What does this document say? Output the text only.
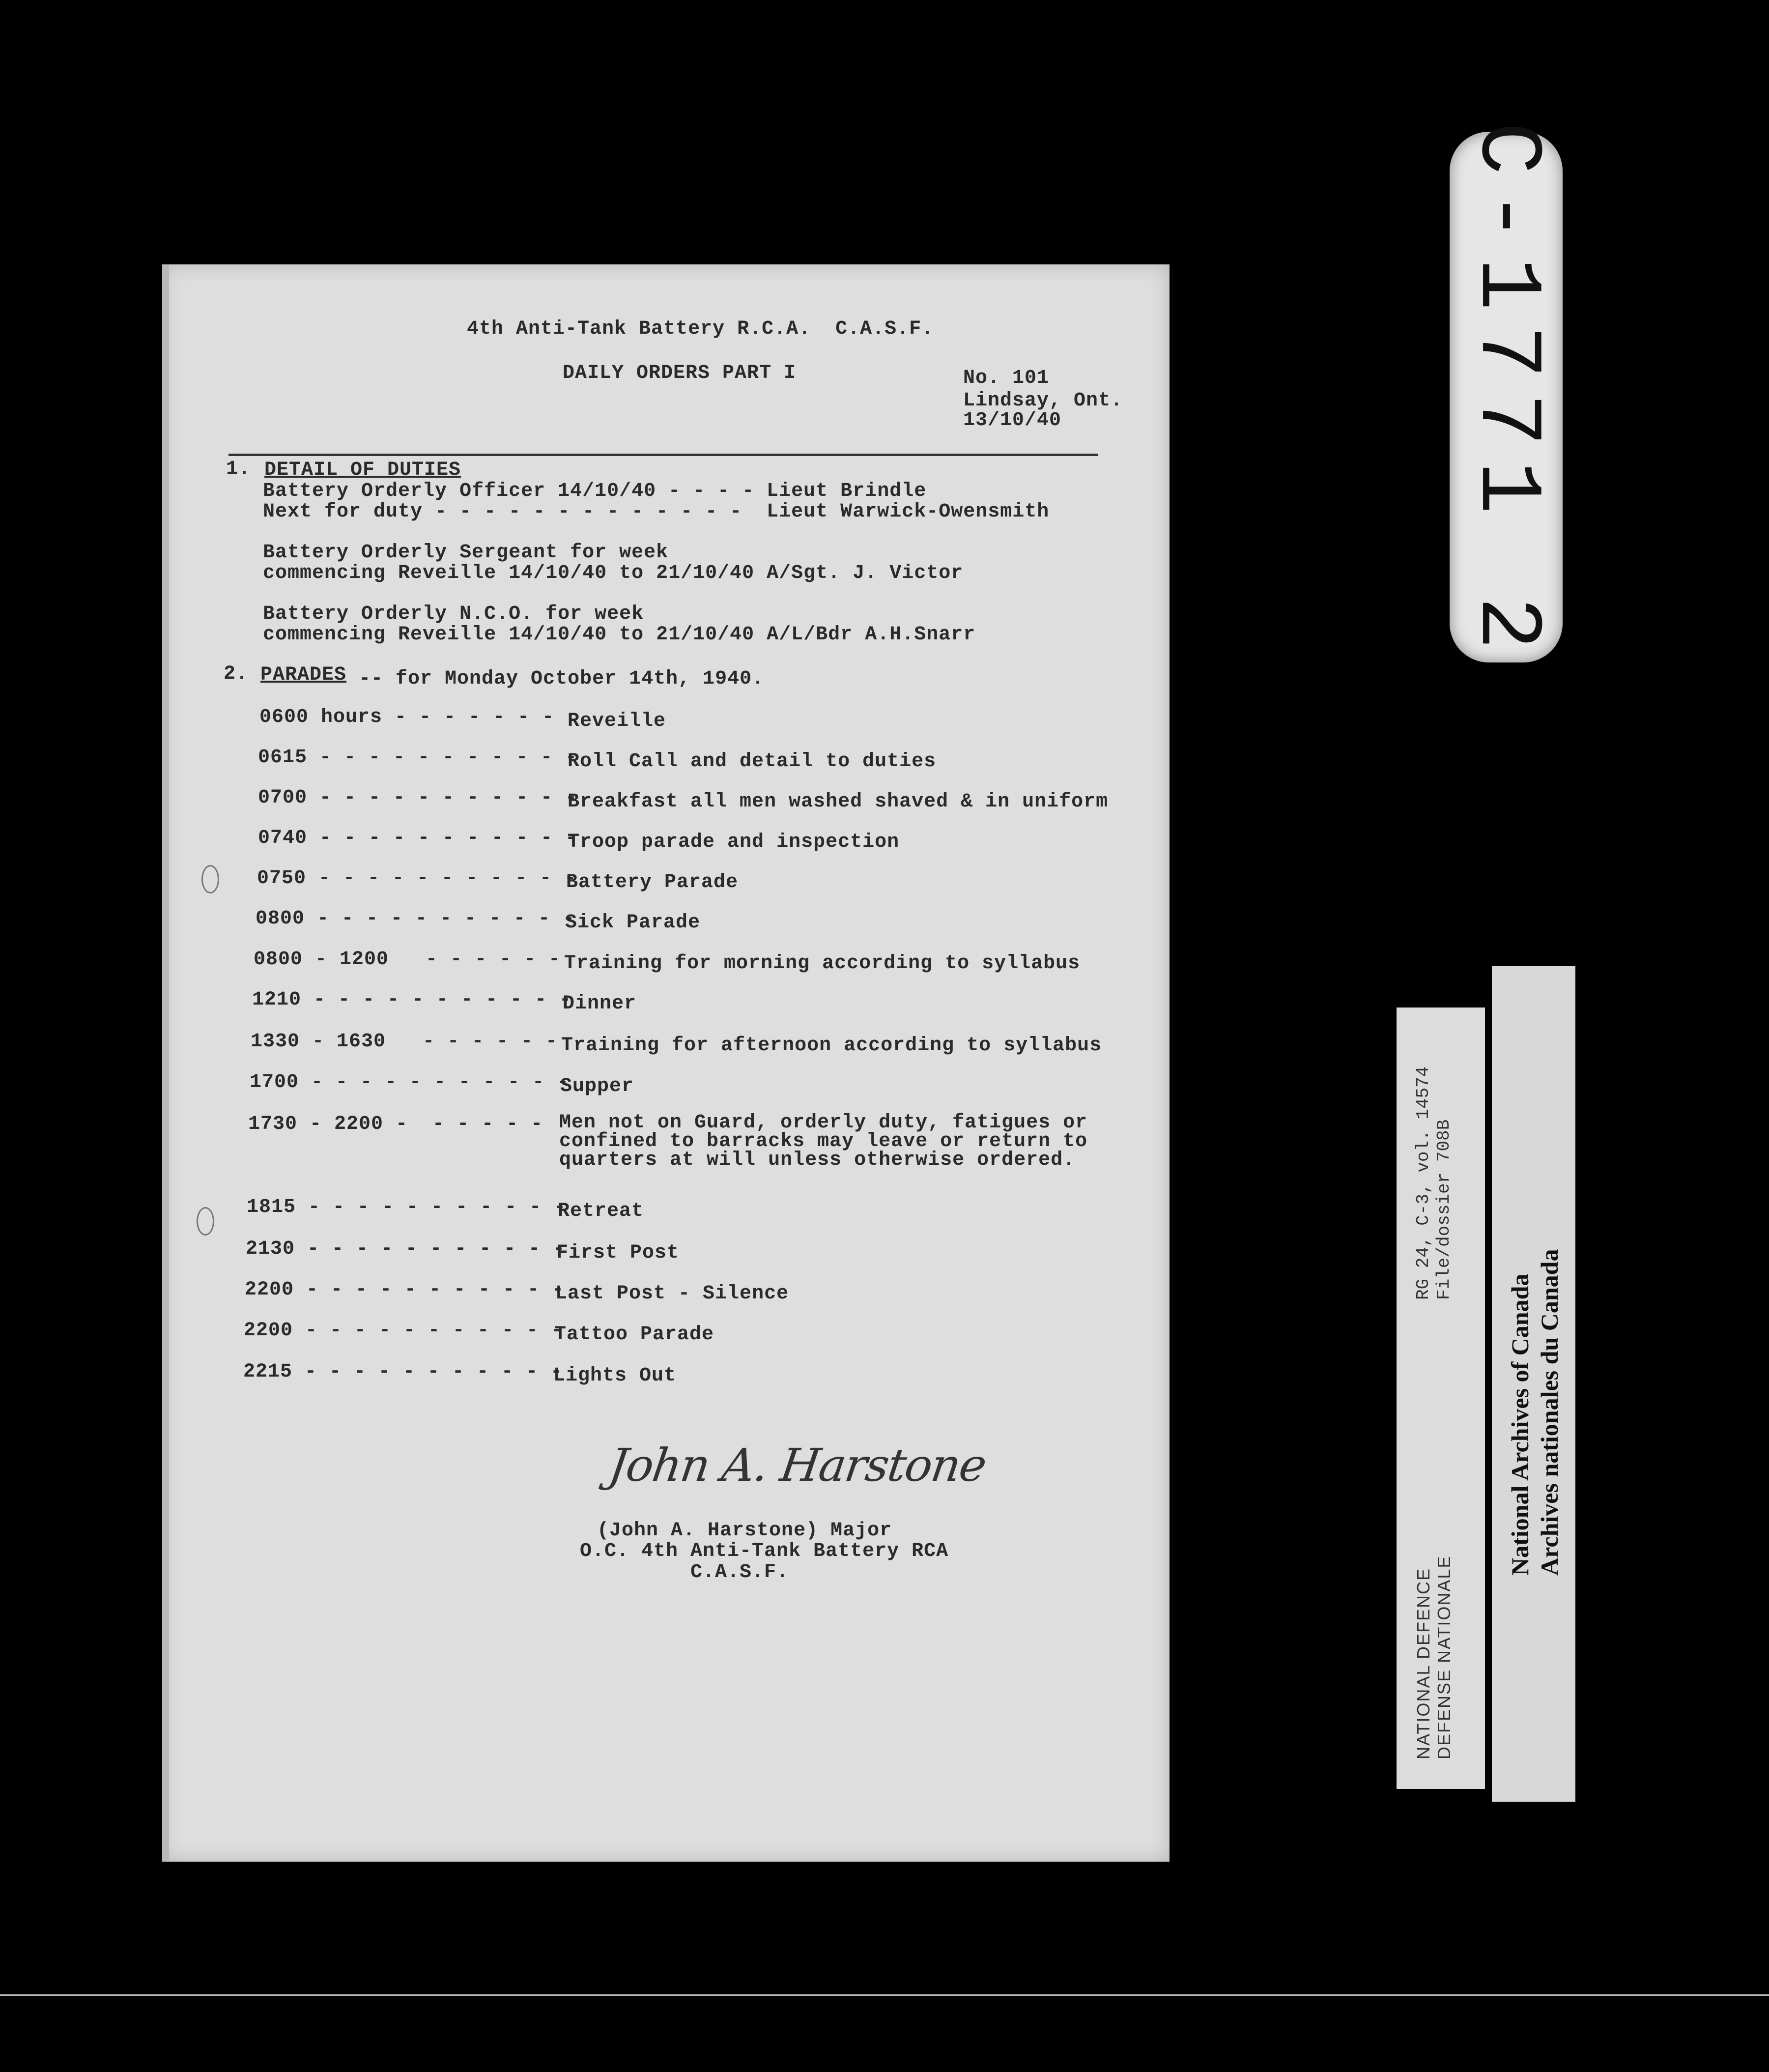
4th Anti-Tank Battery R.C.A.  C.A.S.F.
DAILY ORDERS PART I	No. 101
Lindsay, Ont.
13/10/40
1. DETAIL OF DUTIES
Battery Orderly Officer 14/10/40 - - - - Lieut Brindle
Next for duty - - - - - - - - - - - - -  Lieut Warwick-Owensmith
Battery Orderly Sergeant for week
commencing Reveille 14/10/40 to 21/10/40 A/Sgt. J. Victor
Battery Orderly N.C.O. for week
commencing Reveille 14/10/40 to 21/10/40 A/L/Bdr A.H.Snarr
2. PARADES -- for Monday October 14th, 1940.
0600 hours - - - - - - - Reveille
0615 - - - - - - - - - - -
Roll Call and detail to duties
0700 - - - - - - - - - - -
Breakfast all men washed shaved & in uniform
0740 - - - - - - - - - - -
Troop parade and inspection
0750 - - - - - - - - - - -
Battery Parade
0800 - - - - - - - - - - -
Sick Parade
0800 - 1200   - - - - - - Training for morning according to syllabus
1210 - - - - - - - - - - -
Dinner
1330 - 1630   - - - - - - Training for afternoon according to syllabus
1700 - - - - - - - - - - -
Supper
1730 - 2200 -  - - - - - Men not on Guard, orderly duty, fatigues or
confined to barracks may leave or return to
quarters at will unless otherwise ordered.
1815 - - - - - - - - - - -
Retreat
2130 - - - - - - - - - - -
First Post
2200 - - - - - - - - - - -
Last Post - Silence
2200 - - - - - - - - - - -
Tattoo Parade
2215 - - - - - - - - - - -
Lights Out
John A. Harstone
(John A. Harstone) Major
O.C. 4th Anti-Tank Battery RCA
C.A.S.F.
C-1771 2
RG 24, C-3, vol. 14574 File/dossier 708B
NATIONAL DEFENCE DEFENSE NATIONALE
National Archives of Canada Archives nationales du Canada
